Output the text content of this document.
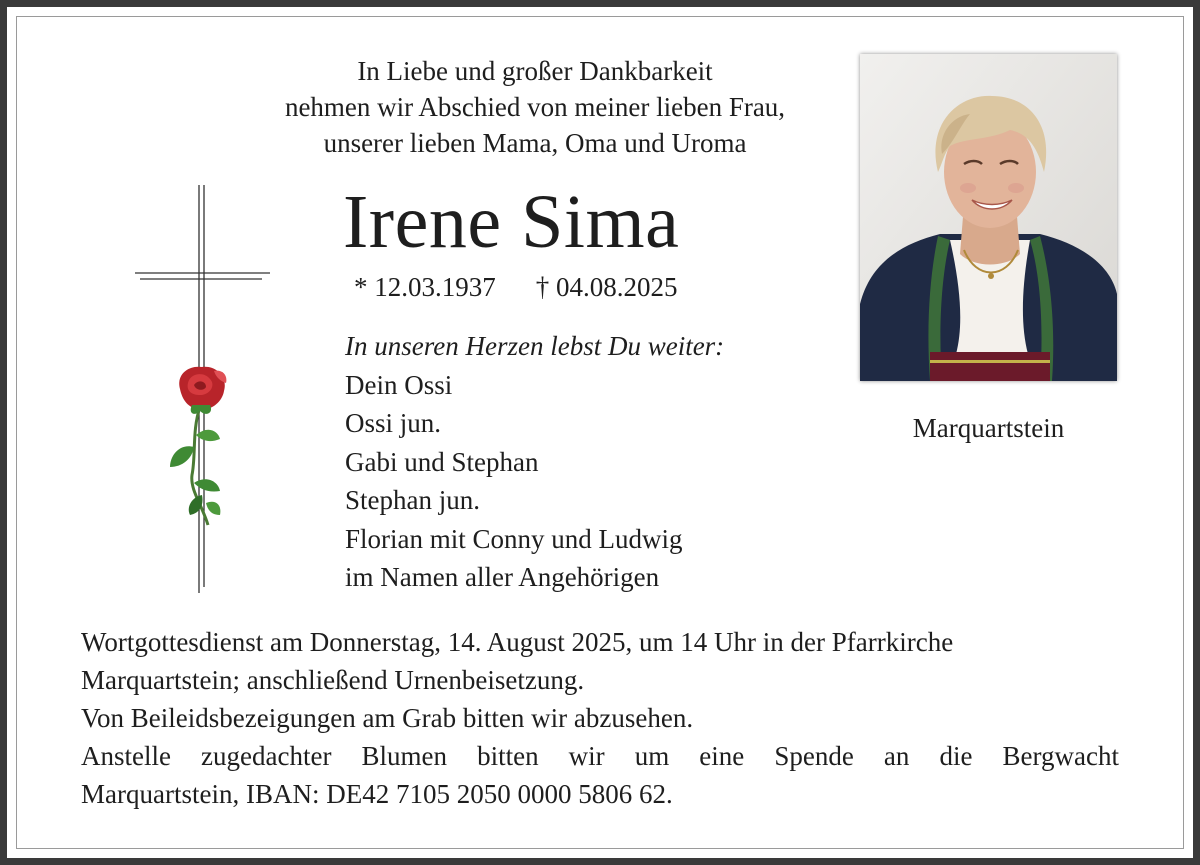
In Liebe und großer Dankbarkeit
nehmen wir Abschied von meiner lieben Frau,
unserer lieben Mama, Oma und Uroma
Irene Sima
* 12.03.1937 † 04.08.2025
In unseren Herzen lebst Du weiter:
Dein Ossi
Ossi jun.
Gabi und Stephan
Stephan jun.
Florian mit Conny und Ludwig
im Namen aller Angehörigen
Marquartstein
Wortgottesdienst am Donnerstag, 14. August 2025, um 14 Uhr in der Pfarrkirche
Marquartstein; anschließend Urnenbeisetzung.
Von Beileidsbezeigungen am Grab bitten wir abzusehen.
Anstelle zugedachter Blumen bitten wir um eine Spende an die Bergwacht
Marquartstein, IBAN: DE42 7105 2050 0000 5806 62.
